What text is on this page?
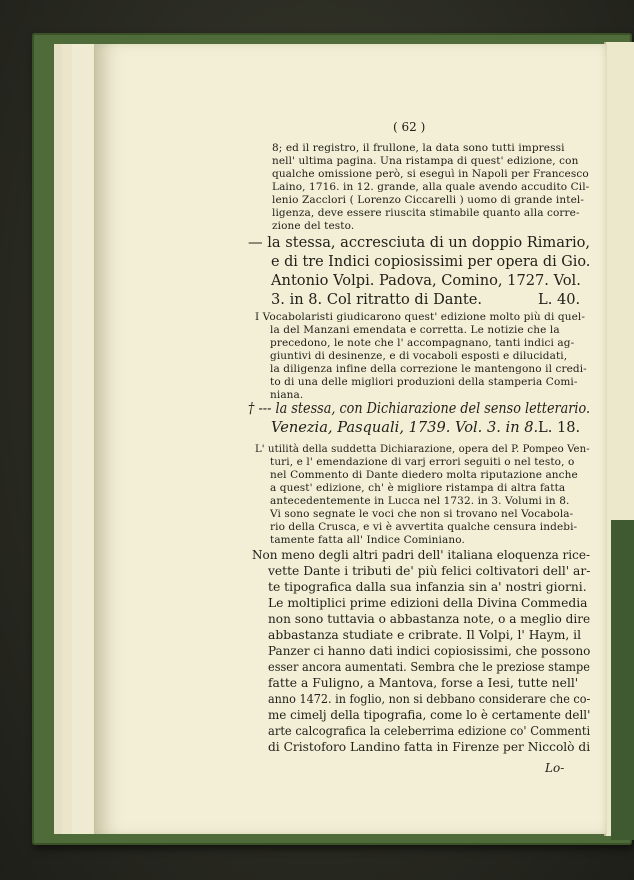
( 62 )
8; ed il registro, il frullone, la data sono tutti impressi
nell' ultima pagina. Una ristampa di quest' edizione, con
qualche omissione però, si eseguì in Napoli per Francesco
Laino, 1716. in 12. grande, alla quale avendo accudito Cil-
lenio Zacclori ( Lorenzo Ciccarelli ) uomo di grande intel-
ligenza, deve essere riuscita stimabile quanto alla corre-
zione del testo.
— la stessa, accresciuta di un doppio Rimario,
e di tre Indici copiosissimi per opera di Gio.
Antonio Volpi. Padova, Comino, 1727. Vol.
3. in 8. Col ritratto di Dante.	L. 40.
I Vocabolaristi giudicarono quest' edizione molto più di quel-
la del Manzani emendata e corretta. Le notizie che la
precedono, le note che l' accompagnano, tanti indici ag-
giuntivi di desinenze, e di vocaboli esposti e dilucidati,
la diligenza infine della correzione le mantengono il credi-
to di una delle migliori produzioni della stamperia Comi-
niana.
† --- la stessa, con Dichiarazione del senso letterario.
Venezia, Pasquali, 1739. Vol. 3. in 8. L. 18.
L' utilità della suddetta Dichiarazione, opera del P. Pompeo Ven-
turi, e l' emendazione di varj errori seguiti o nel testo, o
nel Commento di Dante diedero molta riputazione anche
a quest' edizione, ch' è migliore ristampa di altra fatta
antecedentemente in Lucca nel 1732. in 3. Volumi in 8.
Vi sono segnate le voci che non si trovano nel Vocabola-
rio della Crusca, e vi è avvertita qualche censura indebi-
tamente fatta all' Indice Cominiano.
Non meno degli altri padri dell' italiana eloquenza rice-
vette Dante i tributi de' più felici coltivatori dell' ar-
te tipografica dalla sua infanzia sin a' nostri giorni.
Le moltiplici prime edizioni della Divina Commedia
non sono tuttavia o abbastanza note, o a meglio dire
abbastanza studiate e cribrate. Il Volpi, l' Haym, il
Panzer ci hanno dati indici copiosissimi, che possono
esser ancora aumentati. Sembra che le preziose stampe
fatte a Fuligno, a Mantova, forse a Iesi, tutte nell'
anno 1472. in foglio, non si debbano considerare che co-
me cimelj della tipografia, come lo è certamente dell'
arte calcografica la celeberrima edizione co' Commenti
di Cristoforo Landino fatta in Firenze per Niccolò di
Lo-
